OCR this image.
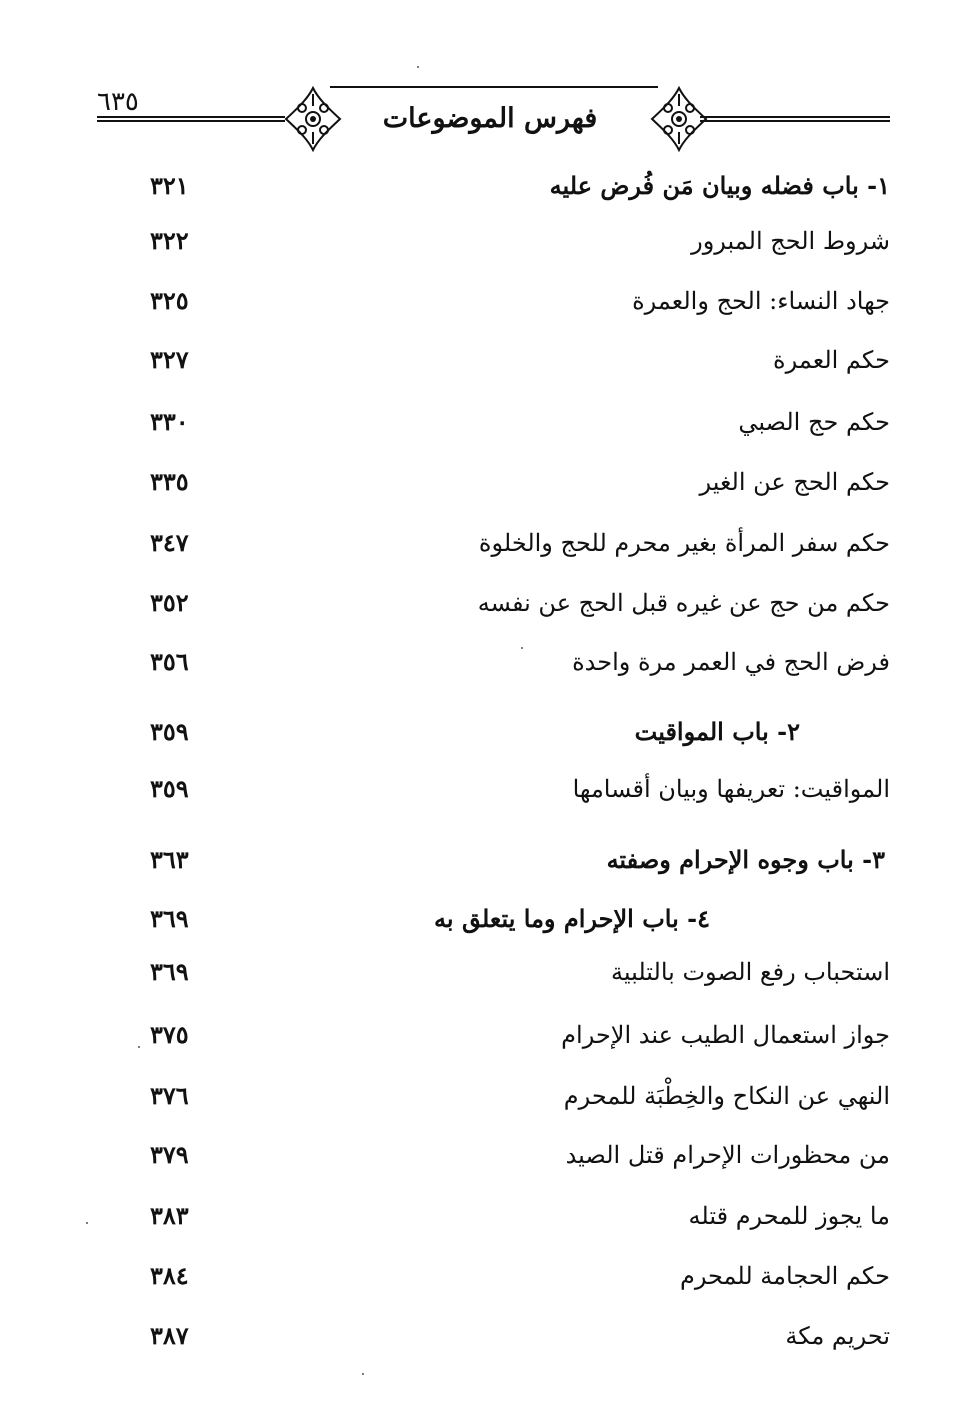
٦٣٥
فهرس الموضوعات
١- باب فضله وبيان مَن فُرض عليه
٣٢١
شروط الحج المبرور
٣٢٢
جهاد النساء: الحج والعمرة
٣٢٥
حكم العمرة
٣٢٧
حكم حج الصبي
٣٣٠
حكم الحج عن الغير
٣٣٥
حكم سفر المرأة بغير محرم للحج والخلوة
٣٤٧
حكم من حج عن غيره قبل الحج عن نفسه
٣٥٢
فرض الحج في العمر مرة واحدة
٣٥٦
٢- باب المواقيت
٣٥٩
المواقيت: تعريفها وبيان أقسامها
٣٥٩
٣- باب وجوه الإحرام وصفته
٣٦٣
٤- باب الإحرام وما يتعلق به
٣٦٩
استحباب رفع الصوت بالتلبية
٣٦٩
جواز استعمال الطيب عند الإحرام
٣٧٥
النهي عن النكاح والخِطْبَة للمحرم
٣٧٦
من محظورات الإحرام قتل الصيد
٣٧٩
ما يجوز للمحرم قتله
٣٨٣
حكم الحجامة للمحرم
٣٨٤
تحريم مكة
٣٨٧
